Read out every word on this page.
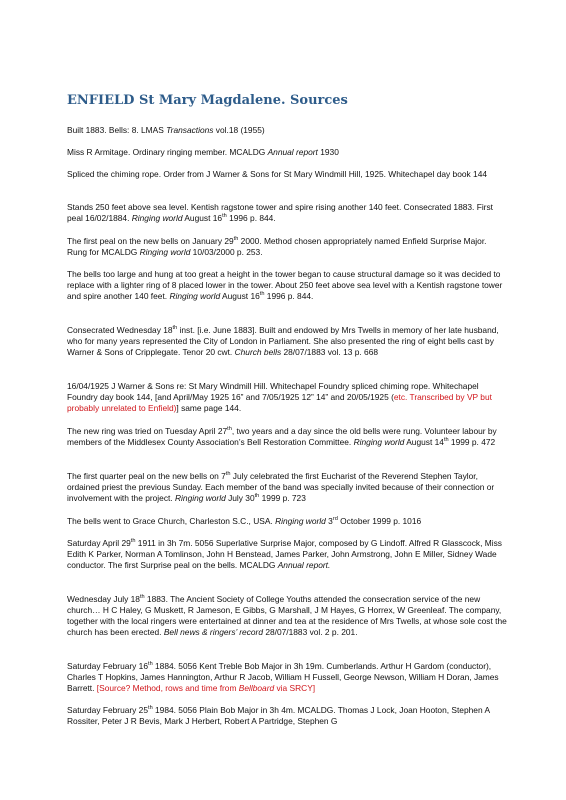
ENFIELD St Mary Magdalene. Sources

Built 1883. Bells: 8. LMAS Transactions vol.18 (1955)

Miss R Armitage. Ordinary ringing member. MCALDG Annual report 1930

Spliced the chiming rope. Order from J Warner & Sons for St Mary Windmill Hill, 1925. Whitechapel day book 144

Stands 250 feet above sea level. Kentish ragstone tower and spire rising another 140 feet. Consecrated 1883. First peal 16/02/1884. Ringing world August 16th 1996 p. 844.

The first peal on the new bells on January 29th 2000. Method chosen appropriately named Enfield Surprise Major. Rung for MCALDG Ringing world 10/03/2000 p. 253.

The bells too large and hung at too great a height in the tower began to cause structural damage so it was decided to replace with a lighter ring of 8 placed lower in the tower. About 250 feet above sea level with a Kentish ragstone tower and spire another 140 feet. Ringing world August 16th 1996 p. 844.

Consecrated Wednesday 18th inst. [i.e. June 1883]. Built and endowed by Mrs Twells in memory of her late husband, who for many years represented the City of London in Parliament. She also presented the ring of eight bells cast by Warner & Sons of Cripplegate. Tenor 20 cwt. Church bells 28/07/1883 vol. 13 p. 668

16/04/1925 J Warner & Sons re: St Mary Windmill Hill. Whitechapel Foundry spliced chiming rope. Whitechapel Foundry day book 144, [and April/May 1925 16” and 7/05/1925 12” 14” and 20/05/1925 (etc. Transcribed by VP but probably unrelated to Enfield)] same page 144.

The new ring was tried on Tuesday April 27th, two years and a day since the old bells were rung. Volunteer labour by members of the Middlesex County Association’s Bell Restoration Committee. Ringing world August 14th 1999 p. 472

The first quarter peal on the new bells on 7th July celebrated the first Eucharist of the Reverend Stephen Taylor, ordained priest the previous Sunday. Each member of the band was specially invited because of their connection or involvement with the project. Ringing world July 30th 1999 p. 723

The bells went to Grace Church, Charleston S.C., USA. Ringing world 3rd October 1999 p. 1016

Saturday April 29th 1911 in 3h 7m. 5056 Superlative Surprise Major, composed by G Lindoff. Alfred R Glasscock, Miss Edith K Parker, Norman A Tomlinson, John H Benstead, James Parker, John Armstrong, John E Miller, Sidney Wade conductor. The first Surprise peal on the bells. MCALDG Annual report.

Wednesday July 18th 1883. The Ancient Society of College Youths attended the consecration service of the new church… H C Haley, G Muskett, R Jameson, E Gibbs, G Marshall, J M Hayes, G Horrex, W Greenleaf. The company, together with the local ringers were entertained at dinner and tea at the residence of Mrs Twells, at whose sole cost the church has been erected. Bell news & ringers’ record 28/07/1883 vol. 2 p. 201.

Saturday February 16th 1884. 5056 Kent Treble Bob Major in 3h 19m. Cumberlands. Arthur H Gardom (conductor), Charles T Hopkins, James Hannington, Arthur R Jacob, William H Fussell, George Newson, William H Doran, James Barrett. [Source? Method, rows and time from Bellboard via SRCY]

Saturday February 25th 1984. 5056 Plain Bob Major in 3h 4m. MCALDG. Thomas J Lock, Joan Hooton, Stephen A Rossiter, Peter J R Bevis, Mark J Herbert, Robert A Partridge, Stephen G
